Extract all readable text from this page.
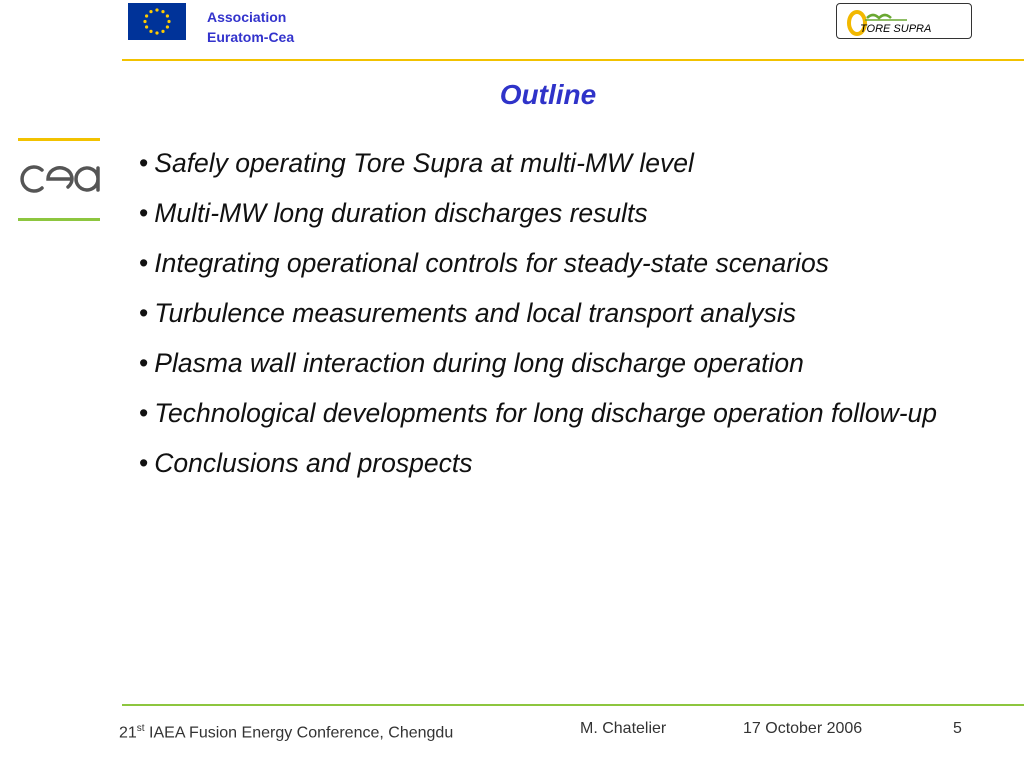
Association
Euratom-Cea	TORE SUPRA
Outline
• Safely operating Tore Supra at multi-MW level
• Multi-MW long duration discharges results
• Integrating operational controls for steady-state scenarios
• Turbulence measurements and local transport analysis
• Plasma wall interaction during long discharge operation
• Technological developments for long discharge operation follow-up
• Conclusions and prospects
21st IAEA Fusion Energy Conference, Chengdu	M. Chatelier	17 October 2006	5
